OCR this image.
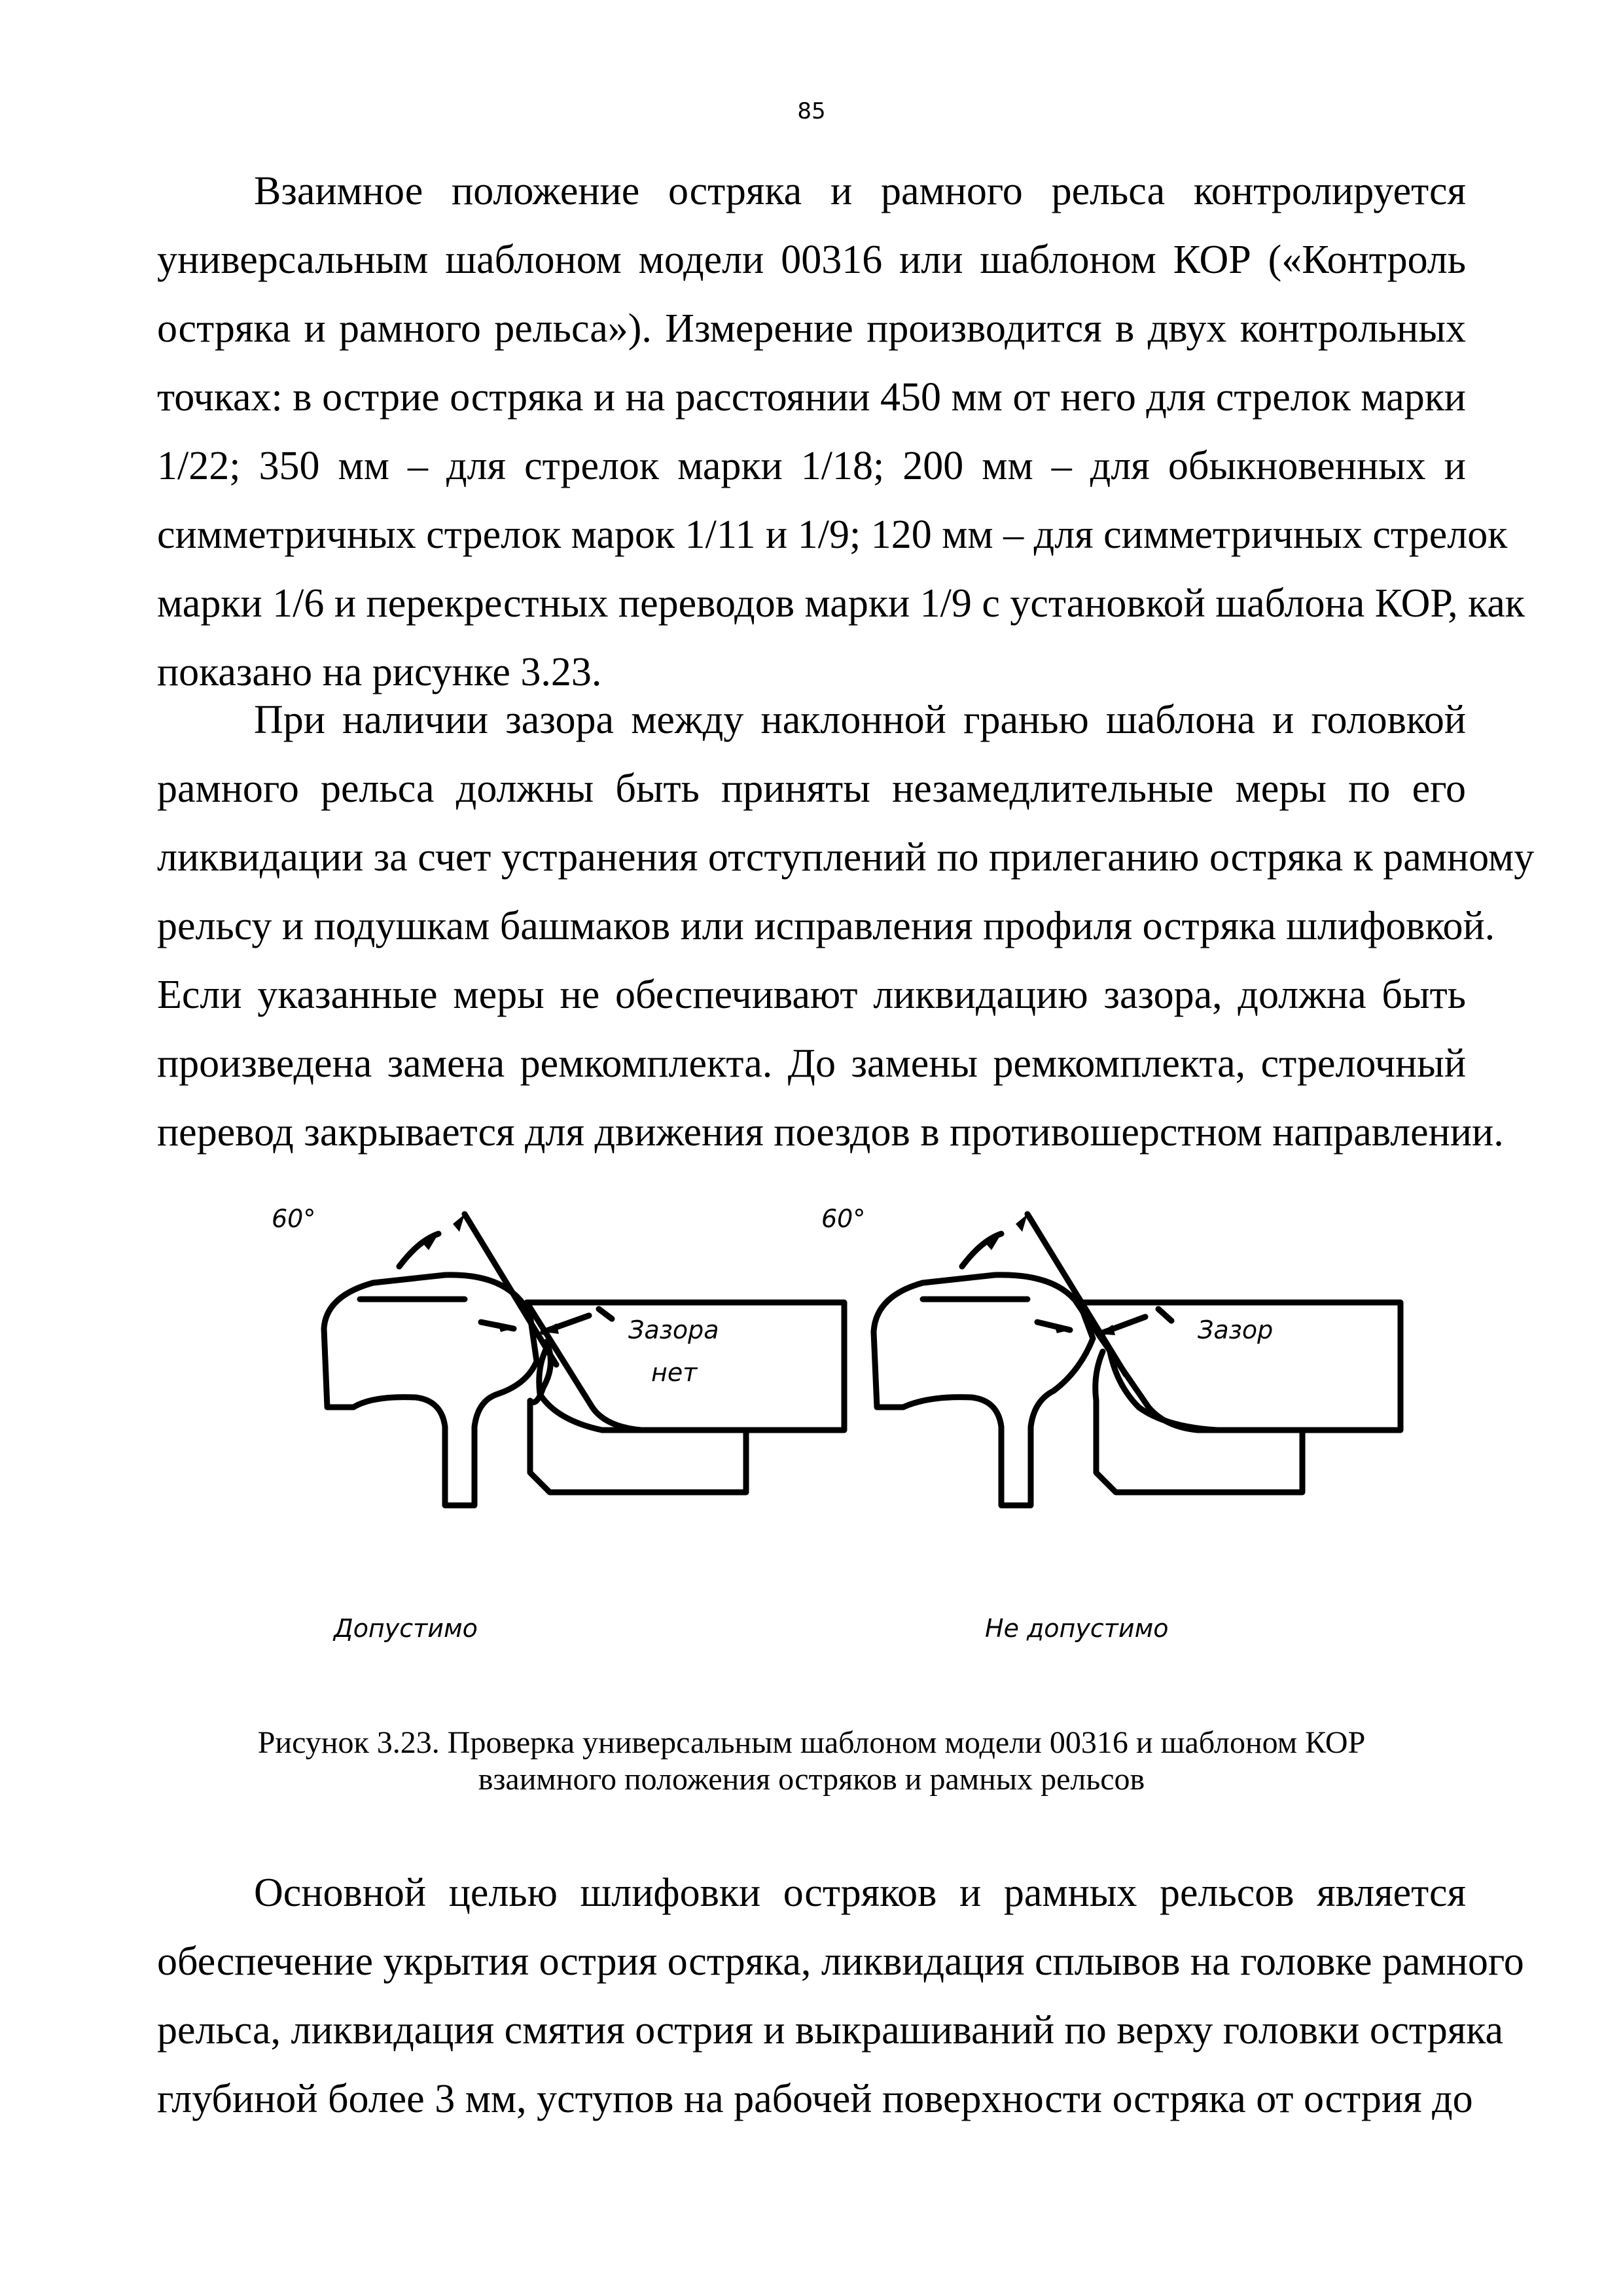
85

Взаимное положение остряка и рамного рельса контролируется
универсальным шаблоном модели 00316 или шаблоном КОР («Контроль
остряка и рамного рельса»). Измерение производится в двух контрольных
точках: в острие остряка и на расстоянии 450 мм от него для стрелок марки
1/22; 350 мм – для стрелок марки 1/18; 200 мм – для обыкновенных и
симметричных стрелок марок 1/11 и 1/9; 120 мм – для симметричных стрелок
марки 1/6 и перекрестных переводов марки 1/9 с установкой шаблона КОР, как
показано на рисунке 3.23.

При наличии зазора между наклонной гранью шаблона и головкой
рамного рельса должны быть приняты незамедлительные меры по его
ликвидации за счет устранения отступлений по прилеганию остряка к рамному
рельсу и подушкам башмаков или исправления профиля остряка шлифовкой.
Если указанные меры не обеспечивают ликвидацию зазора, должна быть
произведена замена ремкомплекта. До замены ремкомплекта, стрелочный
перевод закрывается для движения поездов в противошерстном направлении.

60°
Зазора
нет
60°
Зазор
Допустимо	Не допустимо
Рисунок 3.23. Проверка универсальным шаблоном модели 00316 и шаблоном КОР
взаимного положения остряков и рамных рельсов

Основной целью шлифовки остряков и рамных рельсов является
обеспечение укрытия острия остряка, ликвидация сплывов на головке рамного
рельса, ликвидация смятия острия и выкрашиваний по верху головки остряка
глубиной более 3 мм, уступов на рабочей поверхности остряка от острия до
